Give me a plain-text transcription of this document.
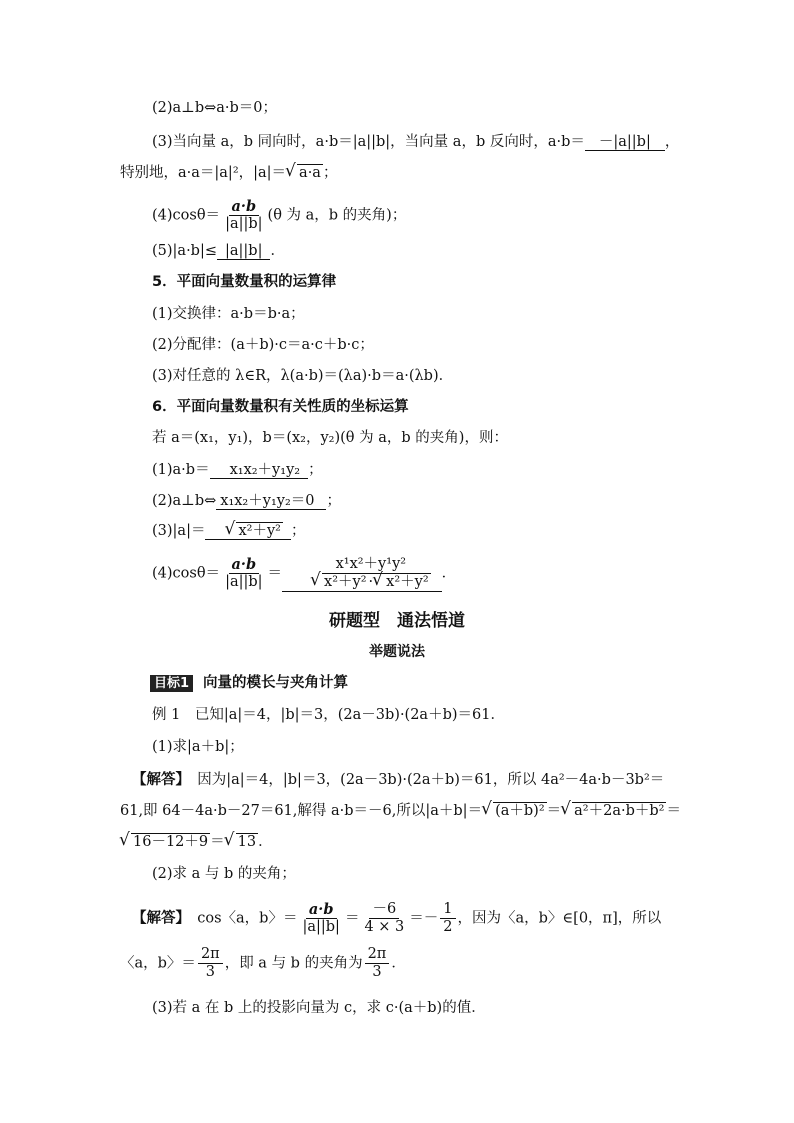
(2)a⊥b⇔a·b＝0；
(3)当向量 a，b 同向时，a·b＝|a||b|，当向量 a，b 反向时，a·b＝ －|a||b| ，
特别地，a·a＝|a|²，|a|＝ √ a·a ；
$(4)\cos\theta= \frac{a\cdot b}{|a||b|} (\theta$ 为 a，b 的夹角)；
(5)|a·b|≤ |a||b| ．
5．平面向量数量积的运算律
(1)交换律：a·b＝b·a；
(2)分配律：(a＋b)·c＝a·c＋b·c；
(3)对任意的 λ∈R，λ(a·b)＝(λa)·b＝a·(λb)．
6．平面向量数量积有关性质的坐标运算
若 a＝(x₁，y₁)，b＝(x₂，y₂)(θ 为 a，b 的夹角)，则：
(1)a·b＝ x₁x₂＋y₁y₂ ；
(2)a⊥b⇔ x₁x₂＋y₁y₂＝0 ；
(3)|a|＝ √ x²＋y² ；
$(4)\cos\theta= \frac{a\cdot b}{|a||b|} = x^1x^2+y^1y^2$
√ x²＋y² · √ x²＋y² ．
研题型　通法悟道
举题说法
目标1 向量的模长与夹角计算
例 1　已知|a|＝4，|b|＝3，(2a－3b)·(2a＋b)＝61．
(1)求|a＋b|；
【解答】　 因为|a|＝4，|b|＝3，(2a－3b)·(2a＋b)＝61，所以 4a²－4a·b－3b²＝
61,即 64－4a·b－27＝61,解得 a·b＝－6,所以|a＋b|＝ √ (a＋b)² ＝ √ a²＋2a·b＋b² ＝
√ 16－12＋9 ＝ √ 13 ．
(2)求 a 与 b 的夹角；
【解答】　 cos〈a，b〉＝ $\frac{a\cdot b}{|a||b|} = \frac{-6}{4 \times 3} =- \frac{1}{2}$ ，因为〈a，b〉∈[0，π]，所以
〈a，b〉＝ $\frac{2\pi}{3}$ ，即 a 与 b 的夹角为 $\frac{2\pi}{3}$ ．
(3)若 a 在 b 上的投影向量为 c，求 c·(a＋b)的值．
